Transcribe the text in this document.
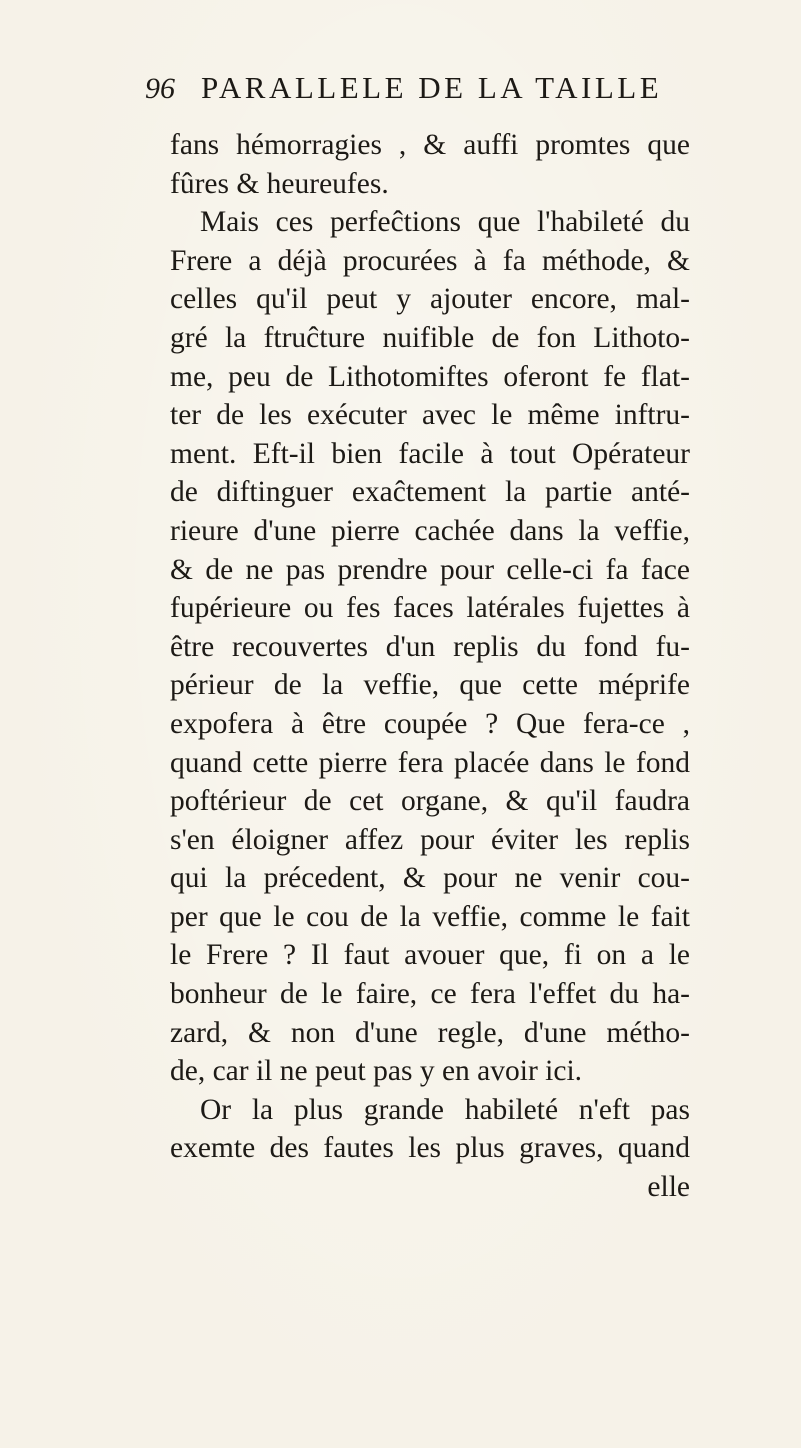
96 PARALLELE DE LA TAILLE
fans hémorragies , & auffi promtes que
fûres & heureufes.
Mais ces perfeĉtions que l'habileté du
Frere a déjà procurées à fa méthode, &
celles qu'il peut y ajouter encore, mal-
gré la ftruĉture nuifible de fon Lithoto-
me, peu de Lithotomiftes oferont fe flat-
ter de les exécuter avec le même inftru-
ment. Eft-il bien facile à tout Opérateur
de diftinguer exaĉtement la partie anté-
rieure d'une pierre cachée dans la veffie,
& de ne pas prendre pour celle-ci fa face
fupérieure ou fes faces latérales fujettes à
être recouvertes d'un replis du fond fu-
périeur de la veffie, que cette méprife
expofera à être coupée ? Que fera-ce ,
quand cette pierre fera placée dans le fond
poftérieur de cet organe, & qu'il faudra
s'en éloigner affez pour éviter les replis
qui la précedent, & pour ne venir cou-
per que le cou de la veffie, comme le fait
le Frere ? Il faut avouer que, fi on a le
bonheur de le faire, ce fera l'effet du ha-
zard, & non d'une regle, d'une métho-
de, car il ne peut pas y en avoir ici.
Or la plus grande habileté n'eft pas
exemte des fautes les plus graves, quand
elle
